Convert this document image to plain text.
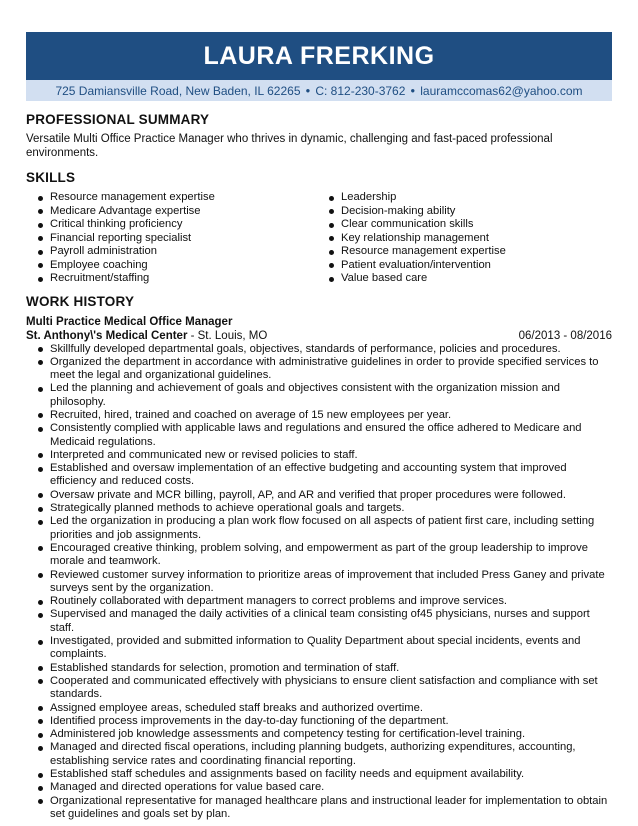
LAURA FRERKING
725 Damiansville Road, New Baden, IL 62265 ● C: 812-230-3762 ● lauramccomas62@yahoo.com
PROFESSIONAL SUMMARY

Versatile Multi Office Practice Manager who thrives in dynamic, challenging and fast-paced professional environments.

SKILLS
Resource management expertise
Medicare Advantage expertise
Critical thinking proficiency
Financial reporting specialist
Payroll administration
Employee coaching
Recruitment/staffing
Leadership
Decision-making ability
Clear communication skills
Key relationship management
Resource management expertise
Patient evaluation/intervention
Value based care
WORK HISTORY
Multi Practice Medical Office Manager
St. Anthony\'s Medical Center - St. Louis, MO	06/2013 - 08/2016
Skillfully developed departmental goals, objectives, standards of performance, policies and procedures.
Organized the department in accordance with administrative guidelines in order to provide specified services to meet the legal and organizational guidelines.
Led the planning and achievement of goals and objectives consistent with the organization mission and philosophy.
Recruited, hired, trained and coached on average of 15 new employees per year.
Consistently complied with applicable laws and regulations and ensured the office adhered to Medicare and Medicaid regulations.
Interpreted and communicated new or revised policies to staff.
Established and oversaw implementation of an effective budgeting and accounting system that improved efficiency and reduced costs.
Oversaw private and MCR billing, payroll, AP, and AR and verified that proper procedures were followed.
Strategically planned methods to achieve operational goals and targets.
Led the organization in producing a plan work flow focused on all aspects of patient first care, including setting priorities and job assignments.
Encouraged creative thinking, problem solving, and empowerment as part of the group leadership to improve morale and teamwork.
Reviewed customer survey information to prioritize areas of improvement that included Press Ganey and private surveys sent by the organization.
Routinely collaborated with department managers to correct problems and improve services.
Supervised and managed the daily activities of a clinical team consisting of45 physicians, nurses and support staff.
Investigated, provided and submitted information to Quality Department about special incidents, events and complaints.
Established standards for selection, promotion and termination of staff.
Cooperated and communicated effectively with physicians to ensure client satisfaction and compliance with set standards.
Assigned employee areas, scheduled staff breaks and authorized overtime.
Identified process improvements in the day-to-day functioning of the department.
Administered job knowledge assessments and competency testing for certification-level training.
Managed and directed fiscal operations, including planning budgets, authorizing expenditures, accounting, establishing service rates and coordinating financial reporting.
Established staff schedules and assignments based on facility needs and equipment availability.
Managed and directed operations for value based care.
Organizational representative for managed healthcare plans and instructional leader for implementation to obtain set guidelines and goals set by plan.
